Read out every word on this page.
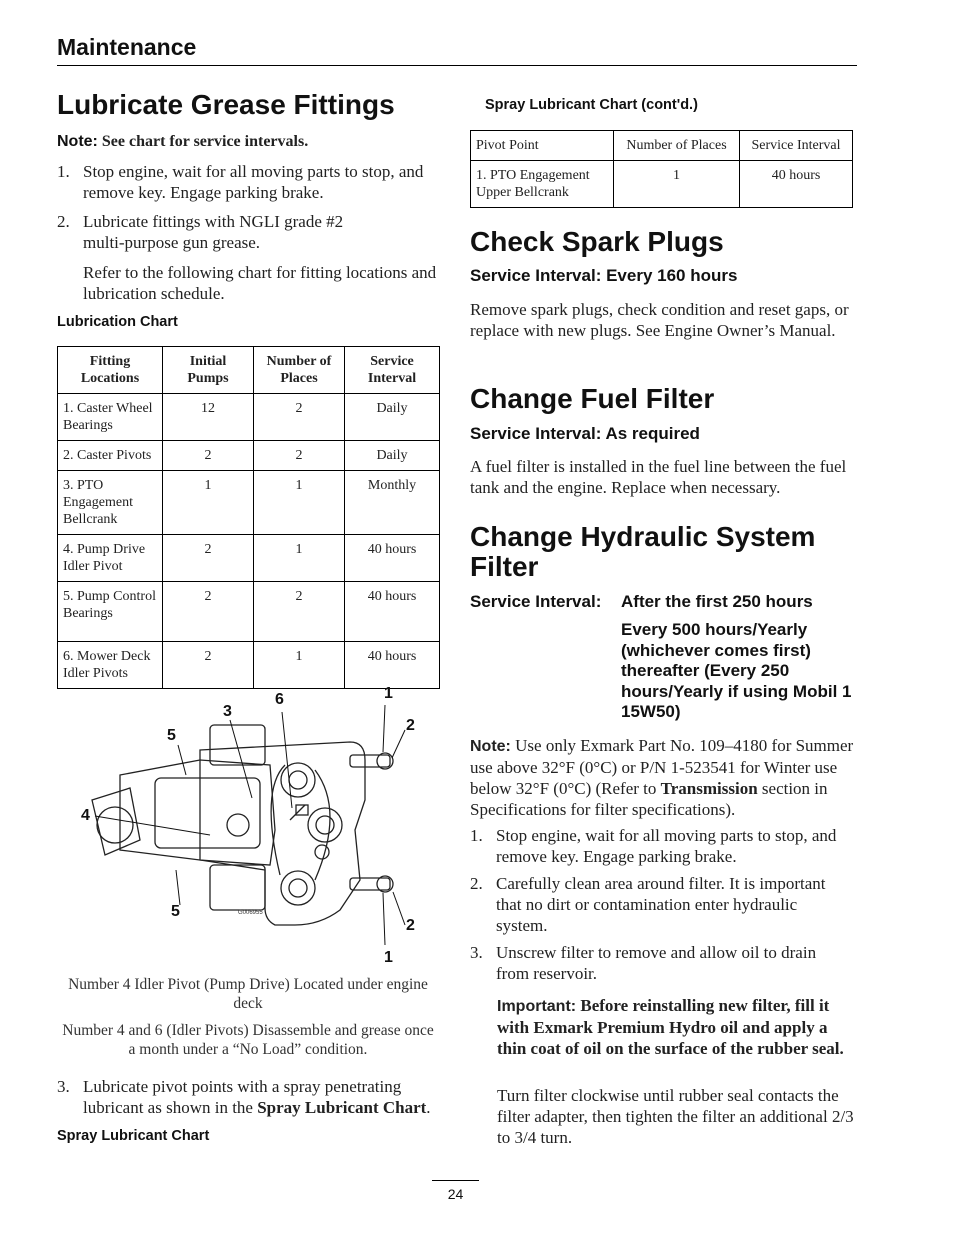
Maintenance
Lubricate Grease Fittings
Note: See chart for service intervals.
1. Stop engine, wait for all moving parts to stop, and remove key. Engage parking brake.
2. Lubricate fittings with NGLI grade #2 multi-purpose gun grease.
Refer to the following chart for fitting locations and lubrication schedule.
Lubrication Chart
Fitting Locations	Initial Pumps	Number of Places	Service Interval
1. Caster Wheel Bearings	12	2	Daily
2. Caster Pivots	2	2	Daily
3. PTO Engagement Bellcrank	1	1	Monthly
4. Pump Drive Idler Pivot	2	1	40 hours
5. Pump Control Bearings	2	2	40 hours
6. Mower Deck Idler Pivots	2	1	40 hours
1
2
3
6
5
4
5
2
1
G006955
Number 4 Idler Pivot (Pump Drive) Located under engine deck
Number 4 and 6 (Idler Pivots) Disassemble and grease once a month under a “No Load” condition.
3. Lubricate pivot points with a spray penetrating lubricant as shown in the Spray Lubricant Chart.
Spray Lubricant Chart
Spray Lubricant Chart (cont'd.)
Pivot Point	Number of Places	Service Interval
1. PTO Engagement Upper Bellcrank	1	40 hours
Check Spark Plugs
Service Interval: Every 160 hours
Remove spark plugs, check condition and reset gaps, or replace with new plugs. See Engine Owner’s Manual.
Change Fuel Filter
Service Interval: As required
A fuel filter is installed in the fuel line between the fuel tank and the engine. Replace when necessary.
Change Hydraulic System
Filter
Service Interval: After the first 250 hours
Every 500 hours/Yearly (whichever comes first) thereafter (Every 250 hours/Yearly if using Mobil 1 15W50)
Note: Use only Exmark Part No. 109–4180 for Summer use above 32°F (0°C) or P/N 1-523541 for Winter use below 32°F (0°C) (Refer to Transmission section in Specifications for filter specifications).
1. Stop engine, wait for all moving parts to stop, and remove key. Engage parking brake.
2. Carefully clean area around filter. It is important that no dirt or contamination enter hydraulic system.
3. Unscrew filter to remove and allow oil to drain from reservoir.
Important: Before reinstalling new filter, fill it with Exmark Premium Hydro oil and apply a thin coat of oil on the surface of the rubber seal.
Turn filter clockwise until rubber seal contacts the filter adapter, then tighten the filter an additional 2/3 to 3/4 turn.
24
